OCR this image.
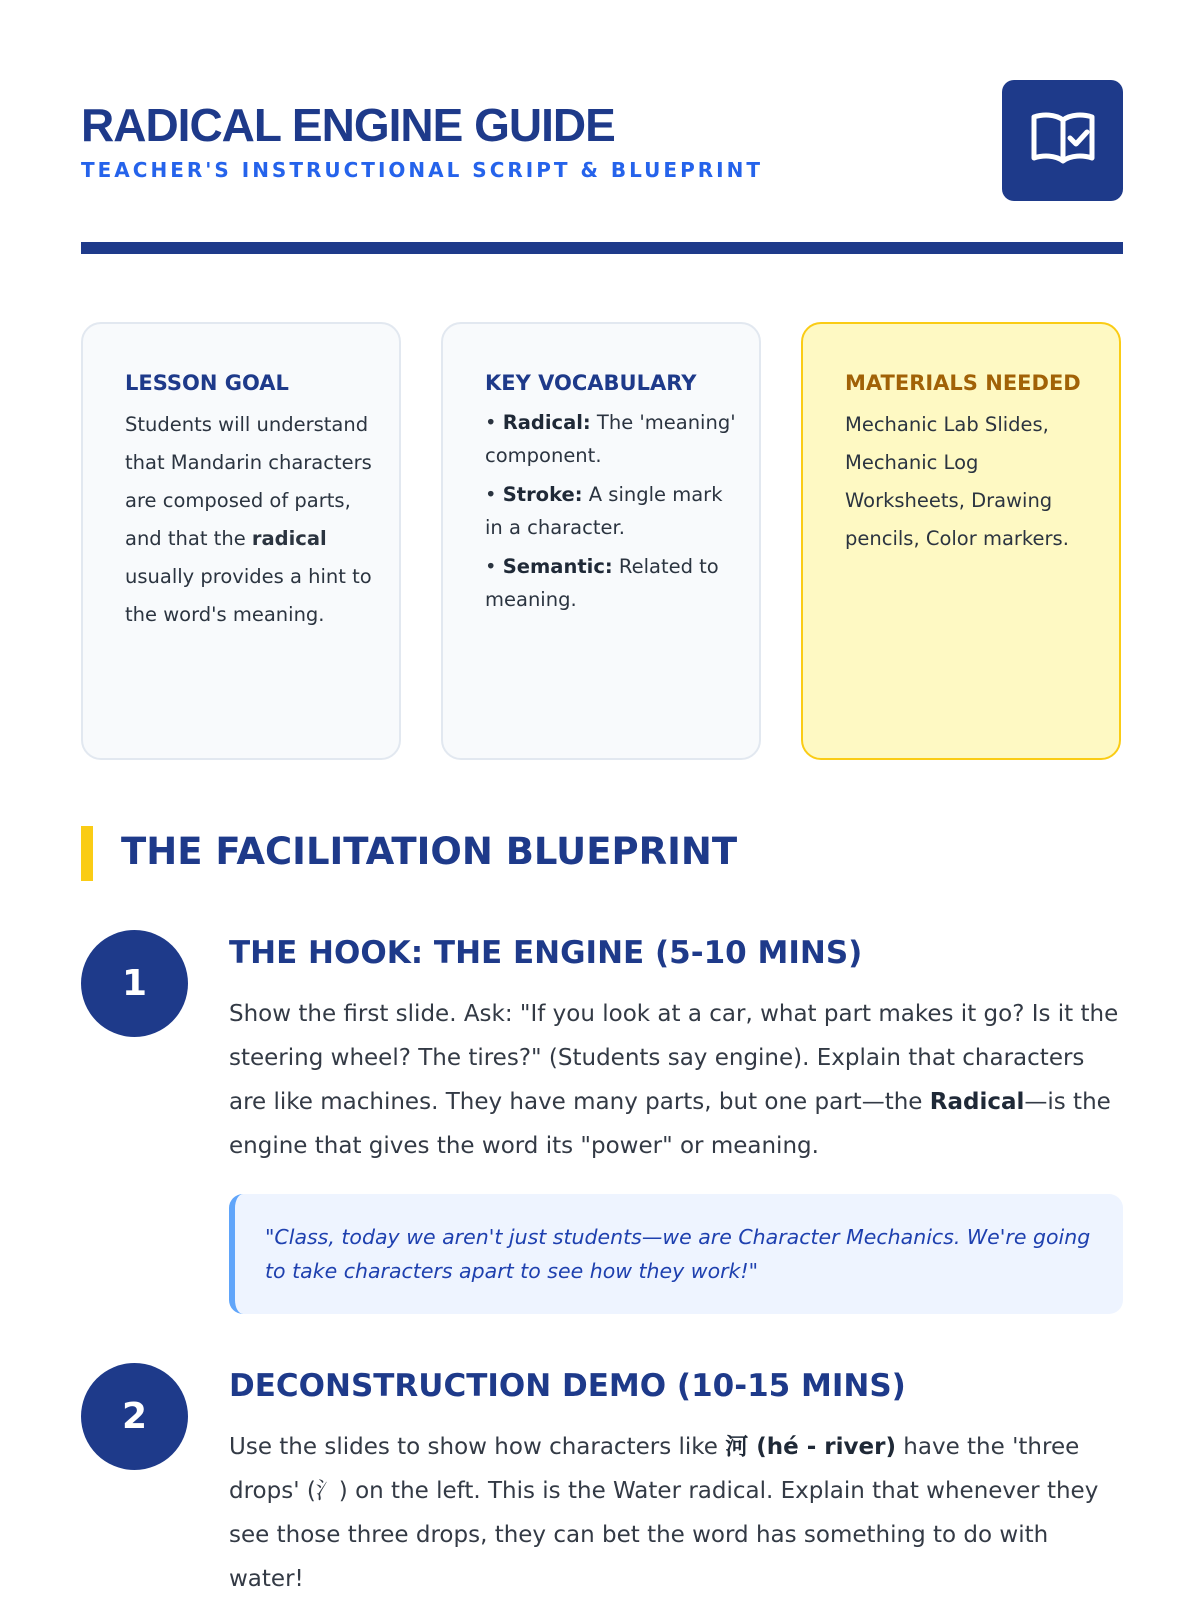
RADICAL ENGINE GUIDE
TEACHER'S INSTRUCTIONAL SCRIPT & BLUEPRINT
LESSON GOAL

Students will understand that Mandarin characters are composed of parts, and that the radical usually provides a hint to the word's meaning.

KEY VOCABULARY
• Radical: The 'meaning' component.
• Stroke: A single mark in a character.
• Semantic: Related to meaning.
MATERIALS NEEDED

Mechanic Lab Slides, Mechanic Log Worksheets, Drawing pencils, Color markers.

THE FACILITATION BLUEPRINT
1
THE HOOK: THE ENGINE (5-10 MINS)

Show the first slide. Ask: "If you look at a car, what part makes it go? Is it the steering wheel? The tires?" (Students say engine). Explain that characters are like machines. They have many parts, but one part—the Radical—is the engine that gives the word its "power" or meaning.

"Class, today we aren't just students—we are Character Mechanics. We're going to take characters apart to see how they work!"
2
DECONSTRUCTION DEMO (10-15 MINS)

Use the slides to show how characters like 河 (hé - river) have the 'three drops' (氵) on the left. This is the Water radical. Explain that whenever they see those three drops, they can bet the word has something to do with water!
